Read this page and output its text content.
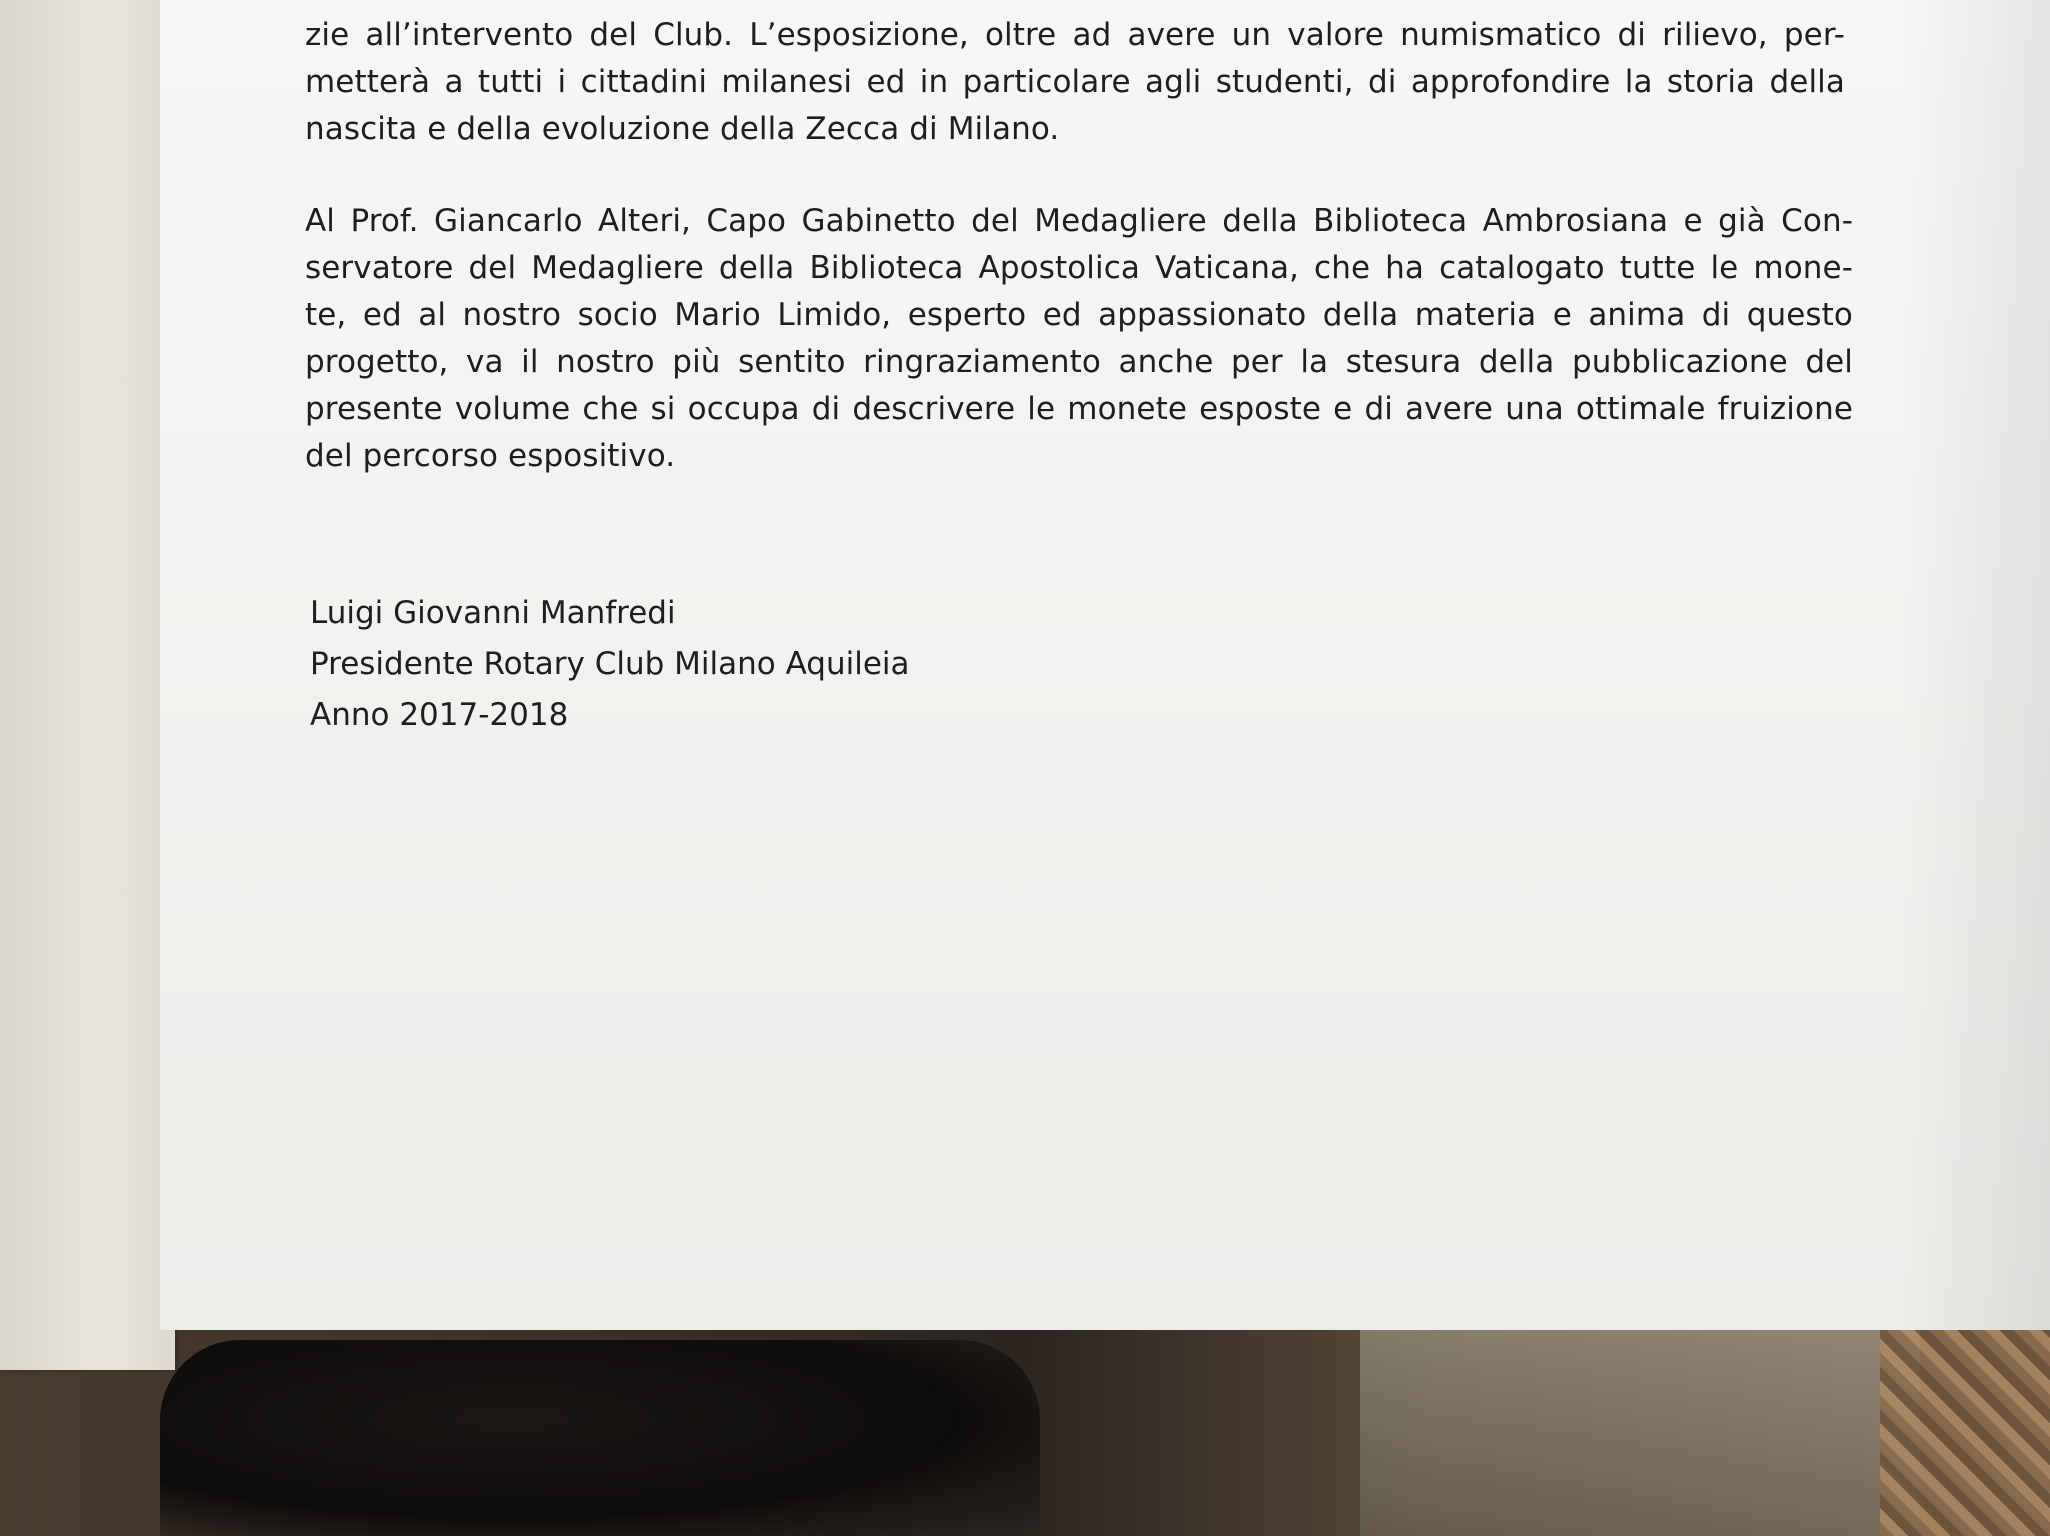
zie all’intervento del Club. L’esposizione, oltre ad avere un valore numismatico di rilievo, per-
metterà a tutti i cittadini milanesi ed in particolare agli studenti, di approfondire la storia della
nascita e della evoluzione della Zecca di Milano.
Al Prof. Giancarlo Alteri, Capo Gabinetto del Medagliere della Biblioteca Ambrosiana e già Con-
servatore del Medagliere della Biblioteca Apostolica Vaticana, che ha catalogato tutte le mone-
te, ed al nostro socio Mario Limido, esperto ed appassionato della materia e anima di questo
progetto, va il nostro più sentito ringraziamento anche per la stesura della pubblicazione del
presente volume che si occupa di descrivere le monete esposte e di avere una ottimale fruizione
del percorso espositivo.
Luigi Giovanni Manfredi
Presidente Rotary Club Milano Aquileia
Anno 2017-2018
